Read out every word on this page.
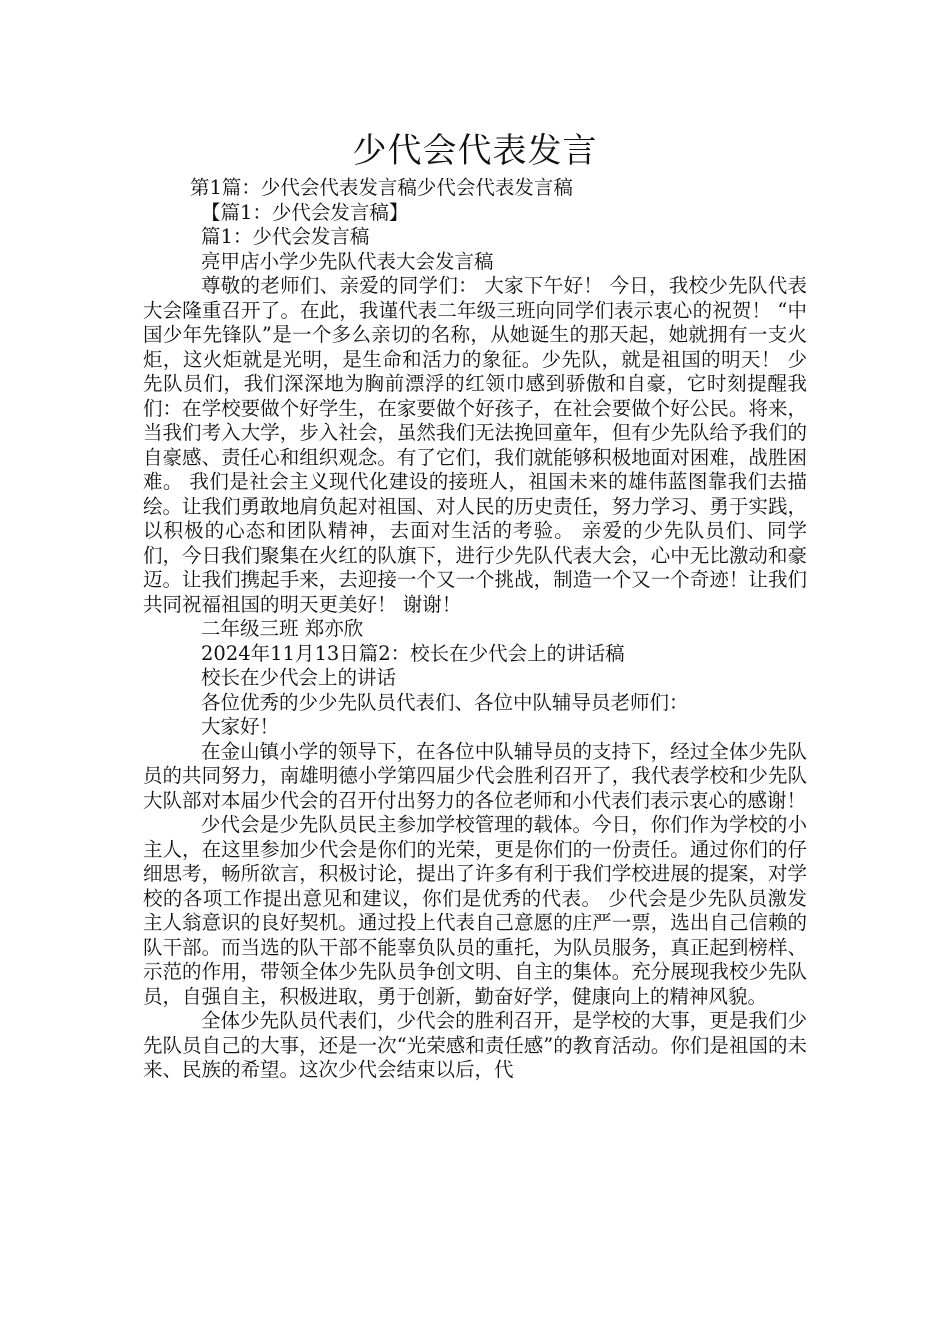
少代会代表发言

第1篇：少代会代表发言稿少代会代表发言稿

【篇1：少代会发言稿】

篇1：少代会发言稿

亮甲店小学少先队代表大会发言稿

尊敬的老师们、亲爱的同学们： 大家下午好！ 今日，我校少先队代表大会隆重召开了。在此，我谨代表二年级三班向同学们表示衷心的祝贺！ “中国少年先锋队”是一个多么亲切的名称，从她诞生的那天起，她就拥有一支火炬，这火炬就是光明，是生命和活力的象征。少先队，就是祖国的明天！ 少先队员们，我们深深地为胸前漂浮的红领巾感到骄傲和自豪，它时刻提醒我们：在学校要做个好学生，在家要做个好孩子，在社会要做个好公民。将来，当我们考入大学，步入社会，虽然我们无法挽回童年，但有少先队给予我们的自豪感、责任心和组织观念。有了它们，我们就能够积极地面对困难，战胜困难。 我们是社会主义现代化建设的接班人，祖国未来的雄伟蓝图靠我们去描绘。让我们勇敢地肩负起对祖国、对人民的历史责任，努力学习、勇于实践，以积极的心态和团队精神，去面对生活的考验。 亲爱的少先队员们、同学们，今日我们聚集在火红的队旗下，进行少先队代表大会，心中无比激动和豪迈。让我们携起手来，去迎接一个又一个挑战，制造一个又一个奇迹！让我们共同祝福祖国的明天更美好！ 谢谢！

二年级三班 郑亦欣

2024年11月13日篇2：校长在少代会上的讲话稿

校长在少代会上的讲话

各位优秀的少少先队员代表们、各位中队辅导员老师们：

大家好！

在金山镇小学的领导下，在各位中队辅导员的支持下，经过全体少先队员的共同努力，南雄明德小学第四届少代会胜利召开了，我代表学校和少先队大队部对本届少代会的召开付出努力的各位老师和小代表们表示衷心的感谢！

少代会是少先队员民主参加学校管理的载体。今日，你们作为学校的小主人，在这里参加少代会是你们的光荣，更是你们的一份责任。通过你们的仔细思考，畅所欲言，积极讨论，提出了许多有利于我们学校进展的提案，对学校的各项工作提出意见和建议，你们是优秀的代表。 少代会是少先队员激发主人翁意识的良好契机。通过投上代表自己意愿的庄严一票，选出自己信赖的队干部。而当选的队干部不能辜负队员的重托，为队员服务，真正起到榜样、示范的作用，带领全体少先队员争创文明、自主的集体。充分展现我校少先队员，自强自主，积极进取，勇于创新，勤奋好学，健康向上的精神风貌。

全体少先队员代表们，少代会的胜利召开，是学校的大事，更是我们少先队员自己的大事，还是一次“光荣感和责任感”的教育活动。你们是祖国的未来、民族的希望。这次少代会结束以后，代
